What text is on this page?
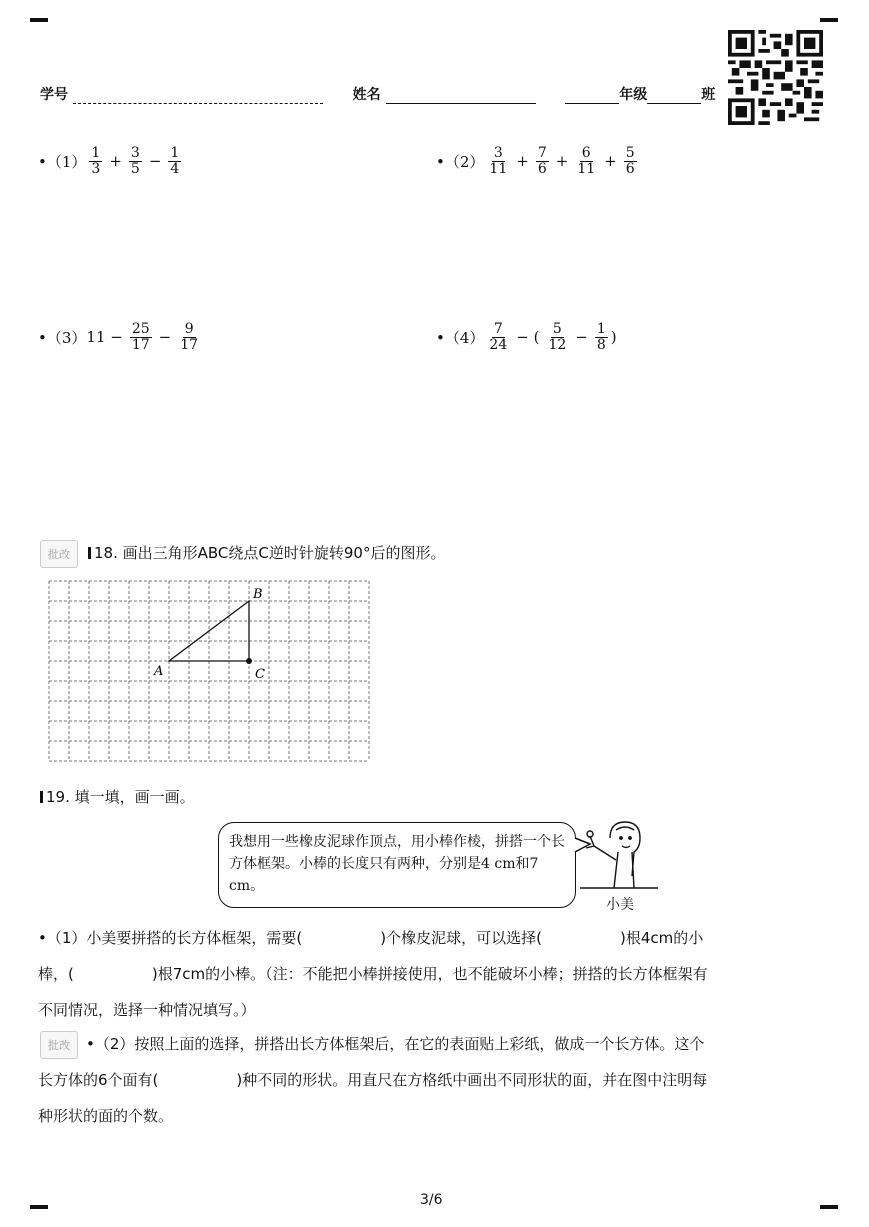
学号	姓名	年级	班
•（1） $\frac{1}{3} + \frac{3}{5} - \frac{1}{4}$	•（2） $\frac{3}{11} + \frac{7}{6} + \frac{6}{11} + \frac{5}{6}$
•（3） $11 - \frac{25}{17} - \frac{9}{17}$	•（4） $\frac{7}{24}$ − ( $\frac{5}{12} - \frac{1}{8}$ )
批改	18. 画出三角形ABC绕点C逆时针旋转90°后的图形。
A
B
C
19. 填一填，画一画。
我想用一些橡皮泥球作顶点，用小棒作棱，拼搭一个长方体框架。小棒的长度只有两种，分别是4 cm和7 cm。
小美
•（1）小美要拼搭的长方体框架，需要(	)个橡皮泥球，可以选择(	)根4cm的小
棒，(	)根7cm的小棒。（注：不能把小棒拼接使用，也不能破坏小棒；拼搭的长方体框架有
不同情况，选择一种情况填写。）
批改	•（2）按照上面的选择，拼搭出长方体框架后，在它的表面贴上彩纸，做成一个长方体。这个
长方体的6个面有(	)种不同的形状。用直尺在方格纸中画出不同形状的面，并在图中注明每
种形状的面的个数。
3/6
